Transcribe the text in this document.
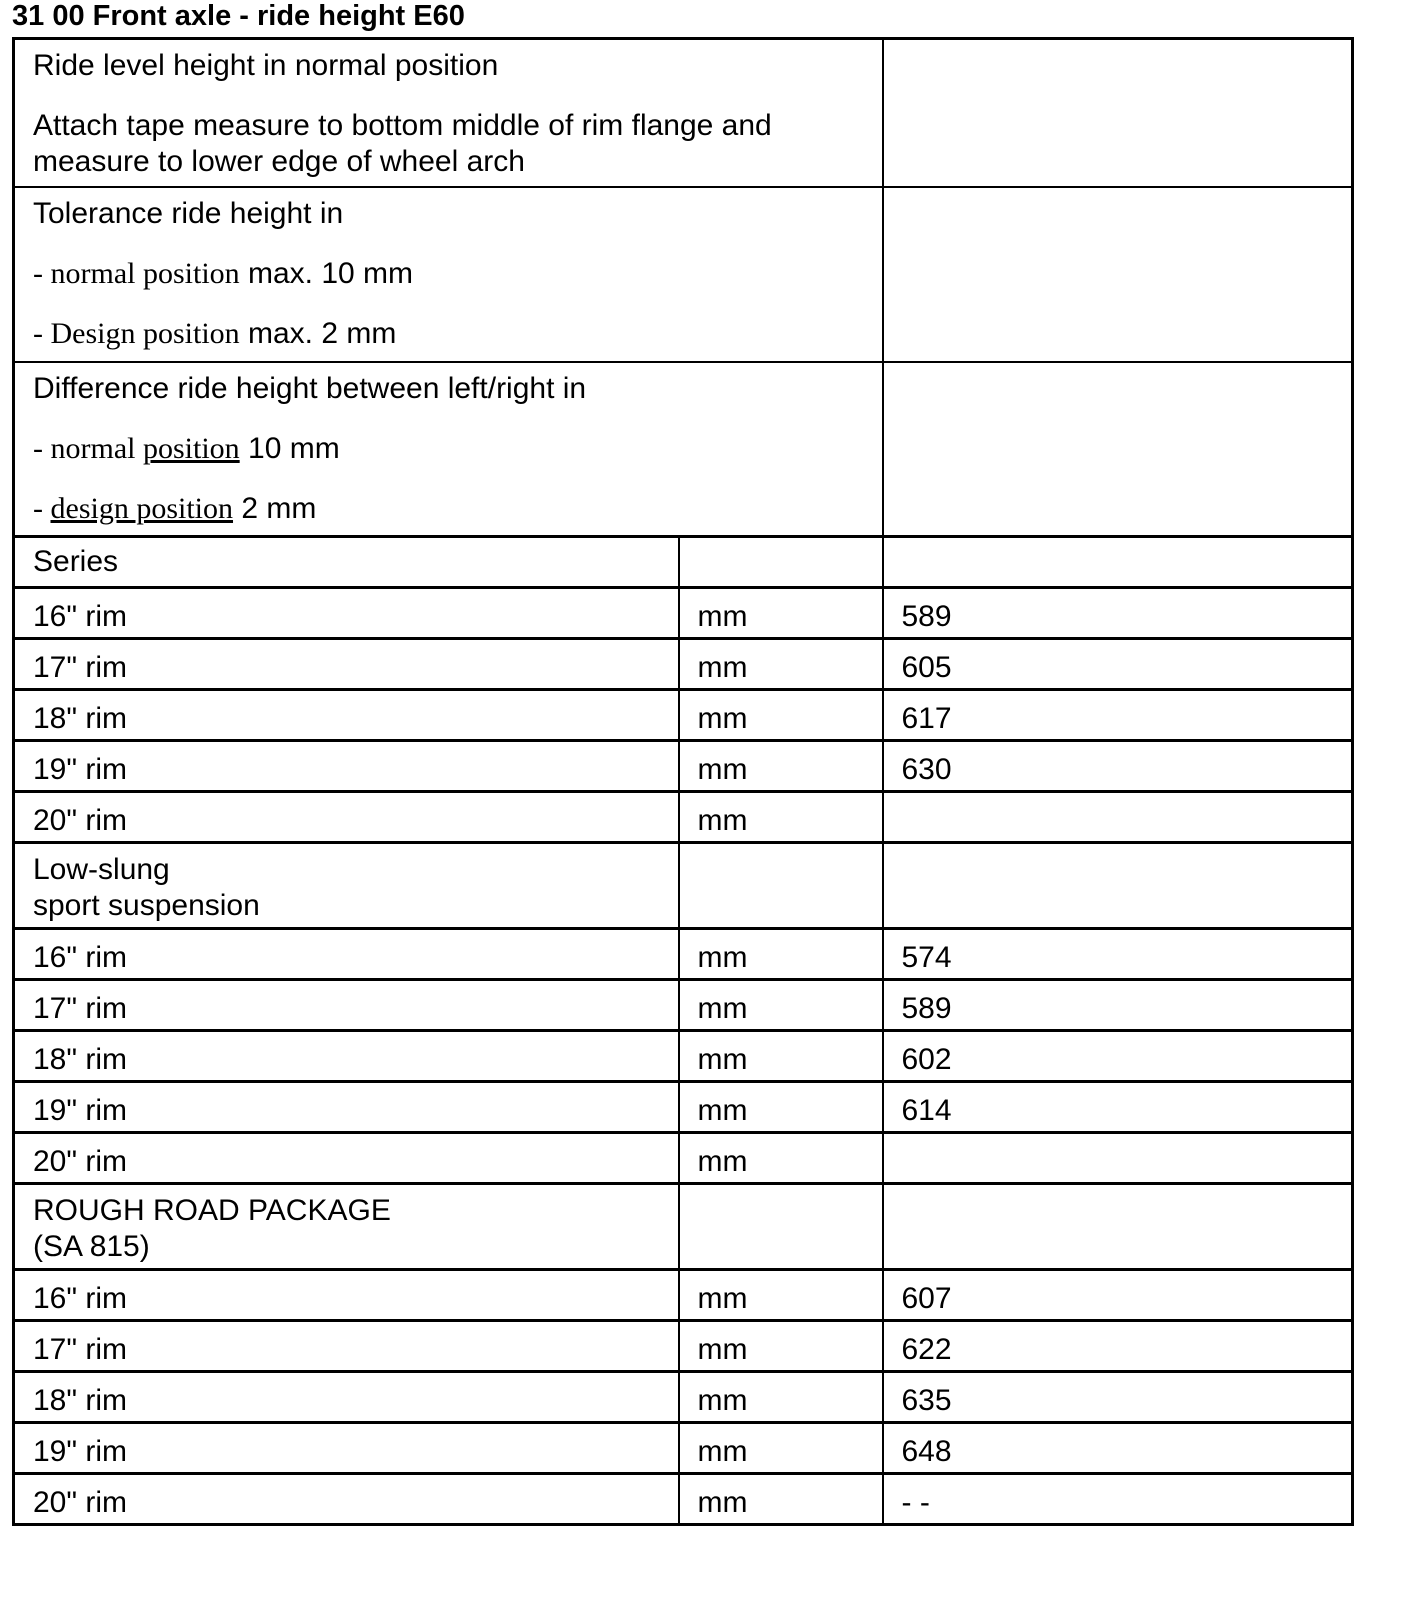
31 00 Front axle - ride height E60
Ride level height in normal position
Attach tape measure to bottom middle of rim flange and
measure to lower edge of wheel arch		

Tolerance ride height in
- normal position max. 10 mm
- Design position max. 2 mm		

Difference ride height between left/right in
- normal position 10 mm
- design position 2 mm		

Series		
16" rim	mm	589
17" rim	mm	605
18" rim	mm	617
19" rim	mm	630
20" rim	mm	

Low-slung
sport suspension		

16" rim	mm	574
17" rim	mm	589
18" rim	mm	602
19" rim	mm	614
20" rim	mm	

ROUGH ROAD PACKAGE
(SA 815)		

16" rim	mm	607
17" rim	mm	622
18" rim	mm	635
19" rim	mm	648
20" rim	mm	- -
